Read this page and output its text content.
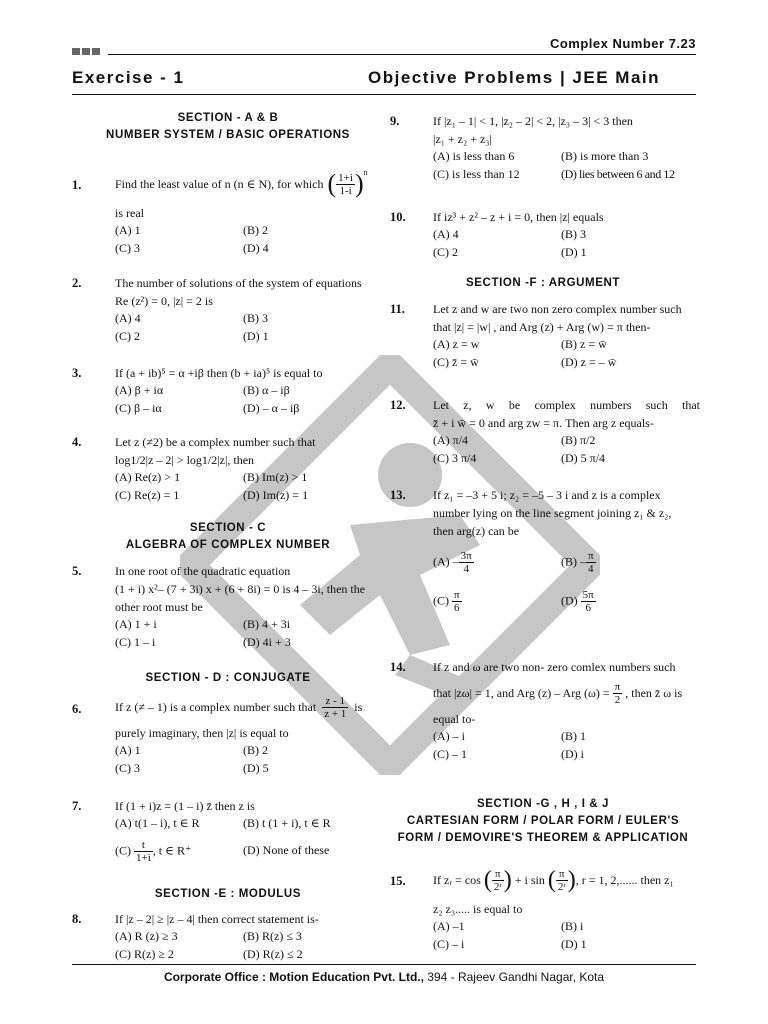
Complex Number 7.23
Exercise - 1	Objective Problems | JEE Main
SECTION - A & B
NUMBER SYSTEM / BASIC OPERATIONS
1.	Find the least value of n (n ∈ N), for which ( $\frac{1+i}{1-i} )^n$
is real
(A) 1	(B) 2
(C) 3	(D) 4
2.	The number of solutions of the system of equations
Re (z²) = 0, |z| = 2 is
(A) 4	(B) 3
(C) 2	(D) 1
3.	If (a + ib)⁵ = α +iβ then (b + ia)⁵ is equal to
(A) β + iα	(B) α – iβ
(C) β – iα	(D) – α – iβ
4.	Let z (≠2) be a complex number such that
log1/2|z – 2| > log1/2|z|, then
(A) Re(z) > 1	(B) Im(z) > 1
(C) Re(z) = 1	(D) Im(z) = 1
SECTION - C
ALGEBRA OF COMPLEX NUMBER
5.	In one root of the quadratic equation
(1 + i) x²– (7 + 3i) x + (6 + 8i) = 0 is 4 – 3i, then the
other root must be
(A) 1 + i	(B) 4 + 3i
(C) 1 – i	(D) 4i + 3
SECTION - D : CONJUGATE
6.	If z (≠ – 1) is a complex number such that $\frac{z - 1}{z + 1}$ is
purely imaginary, then |z| is equal to
(A) 1	(B) 2
(C) 3	(D) 5
7.	If (1 + i)z = (1 – i) z̄ then z is
(A) t(1 – i), t ∈ R	(B) t (1 + i), t ∈ R
$(C) \frac{t}{1+i}$ , t ∈ R⁺	(D) None of these
SECTION -E : MODULUS
8.	If |z – 2| ≥ |z – 4| then correct statement is-
(A) R (z) ≥ 3	(B) R(z) ≤ 3
(C) R(z) ≥ 2	(D) R(z) ≤ 2
9.	If |z₁ – 1| < 1, |z₂ – 2| < 2, |z₃ – 3| < 3 then
|z₁ + z₂ + z₃|
(A) is less than 6	(B) is more than 3
(C) is less than 12	(D) lies between 6 and 12
10. If iz³ + z² – z + i = 0, then |z| equals
(A) 4	(B) 3
(C) 2	(D) 1
SECTION -F : ARGUMENT
11. Let z and w are two non zero complex number such
that |z| = |w| , and Arg (z) + Arg (w) = π then-
(A) z = w	(B) z = w̄
(C) z̄ = w̄	(D) z = – w̄
12. Let z, w be complex numbers such that
z̄ + i w̄ = 0 and arg zw = π. Then arg z equals-
(A) π/4	(B) π/2
(C) 3 π/4	(D) 5 π/4
13. If z₁ = –3 + 5 i; z₂ = –5 – 3 i and z is a complex
number lying on the line segment joining z₁ & z₂,
then arg(z) can be
$(A) - \frac{3\pi}{4}$	$(B) - \frac{\pi}{4}$
$(C) \frac{\pi}{6}$	$(D) \frac{5\pi}{6}$
14. If z and ω are two non- zero comlex numbers such
that |zω| = 1, and Arg (z) – Arg $(\omega) = \frac{\pi}{2}$ , then z̄ ω is
equal to-
(A) – i	(B) 1
(C) – 1	(D) i
SECTION -G , H , I & J
CARTESIAN FORM / POLAR FORM / EULER'S
FORM / DEMOVIRE'S THEOREM & APPLICATION
15. If zᵣ = cos ( $\frac{\pi}{\text{2ʳ}}$ ) + i sin ( $\frac{\pi}{\text{2ʳ}}$ ) , r = 1, 2,...... then z₁
z₂ z₃..... is equal to
(A) –1	(B) i
(C) – i	(D) 1
Corporate Office : Motion Education Pvt. Ltd., 394 - Rajeev Gandhi Nagar, Kota
